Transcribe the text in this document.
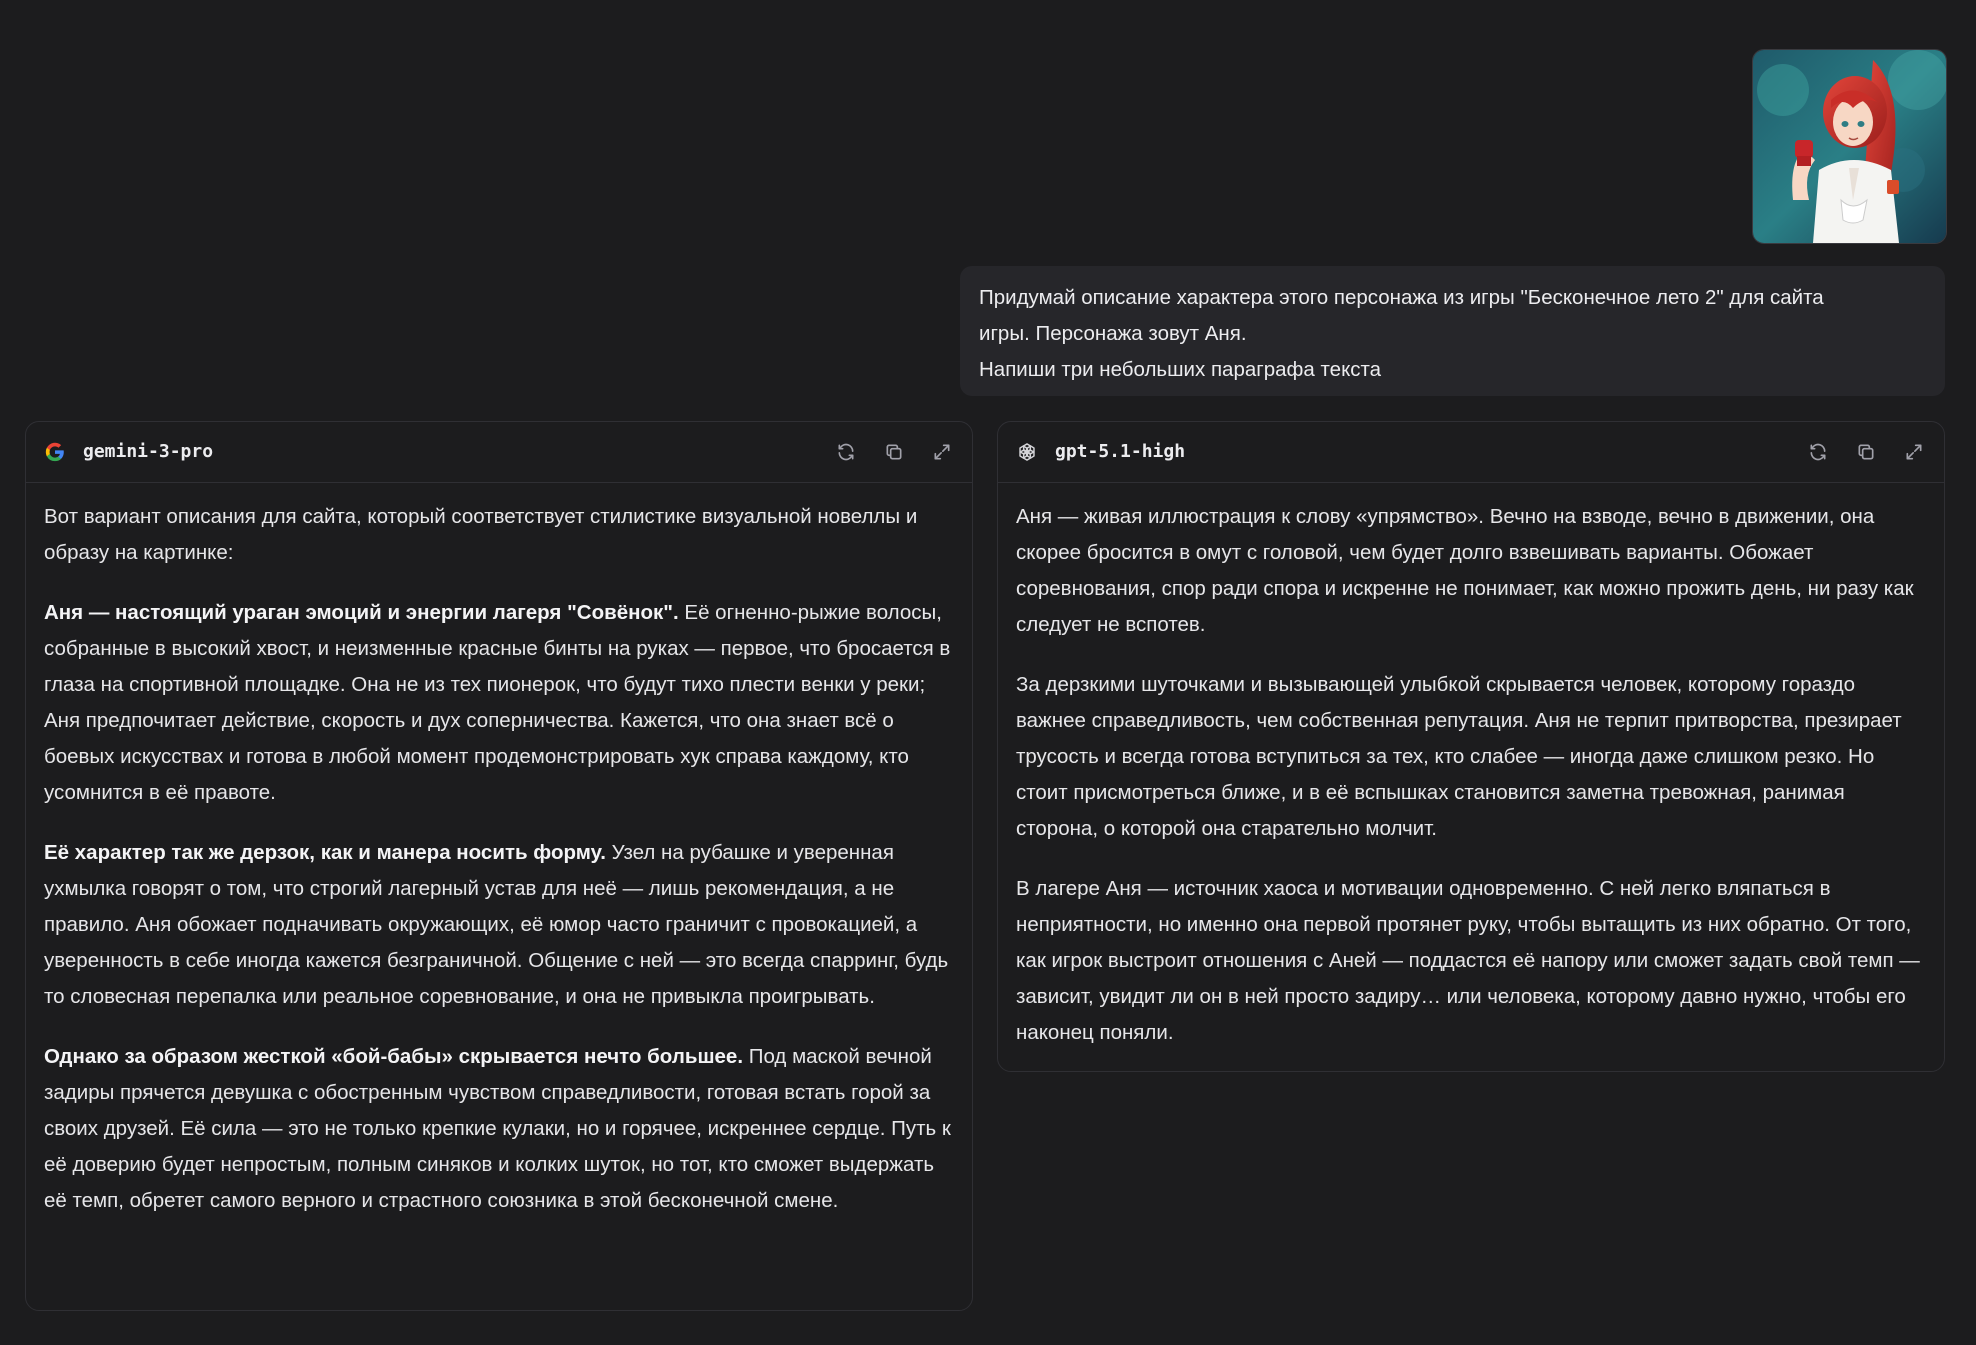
Придумай описание характера этого персонажа из игры "Бесконечное лето 2" для сайта

игры. Персонажа зовут Аня.

Напиши три небольших параграфа текста

gemini-3-pro

Вот вариант описания для сайта, который соответствует стилистике визуальной новеллы и образу на картинке:

Аня — настоящий ураган эмоций и энергии лагеря "Совёнок". Её огненно-рыжие волосы, собранные в высокий хвост, и неизменные красные бинты на руках — первое, что бросается в глаза на спортивной площадке. Она не из тех пионерок, что будут тихо плести венки у реки; Аня предпочитает действие, скорость и дух соперничества. Кажется, что она знает всё о боевых искусствах и готова в любой момент продемонстрировать хук справа каждому, кто усомнится в её правоте.

Её характер так же дерзок, как и манера носить форму. Узел на рубашке и уверенная ухмылка говорят о том, что строгий лагерный устав для неё — лишь рекомендация, а не правило. Аня обожает подначивать окружающих, её юмор часто граничит с провокацией, а уверенность в себе иногда кажется безграничной. Общение с ней — это всегда спарринг, будь то словесная перепалка или реальное соревнование, и она не привыкла проигрывать.

Однако за образом жесткой «бой-бабы» скрывается нечто большее. Под маской вечной задиры прячется девушка с обостренным чувством справедливости, готовая встать горой за своих друзей. Её сила — это не только крепкие кулаки, но и горячее, искреннее сердце. Путь к её доверию будет непростым, полным синяков и колких шуток, но тот, кто сможет выдержать её темп, обретет самого верного и страстного союзника в этой бесконечной смене.

gpt-5.1-high

Аня — живая иллюстрация к слову «упрямство». Вечно на взводе, вечно в движении, она скорее бросится в омут с головой, чем будет долго взвешивать варианты. Обожает соревнования, спор ради спора и искренне не понимает, как можно прожить день, ни разу как следует не вспотев.

За дерзкими шуточками и вызывающей улыбкой скрывается человек, которому гораздо важнее справедливость, чем собственная репутация. Аня не терпит притворства, презирает трусость и всегда готова вступиться за тех, кто слабее — иногда даже слишком резко. Но стоит присмотреться ближе, и в её вспышках становится заметна тревожная, ранимая сторона, о которой она старательно молчит.

В лагере Аня — источник хаоса и мотивации одновременно. С ней легко вляпаться в неприятности, но именно она первой протянет руку, чтобы вытащить из них обратно. От того, как игрок выстроит отношения с Аней — поддастся её напору или сможет задать свой темп — зависит, увидит ли он в ней просто задиру… или человека, которому давно нужно, чтобы его наконец поняли.
